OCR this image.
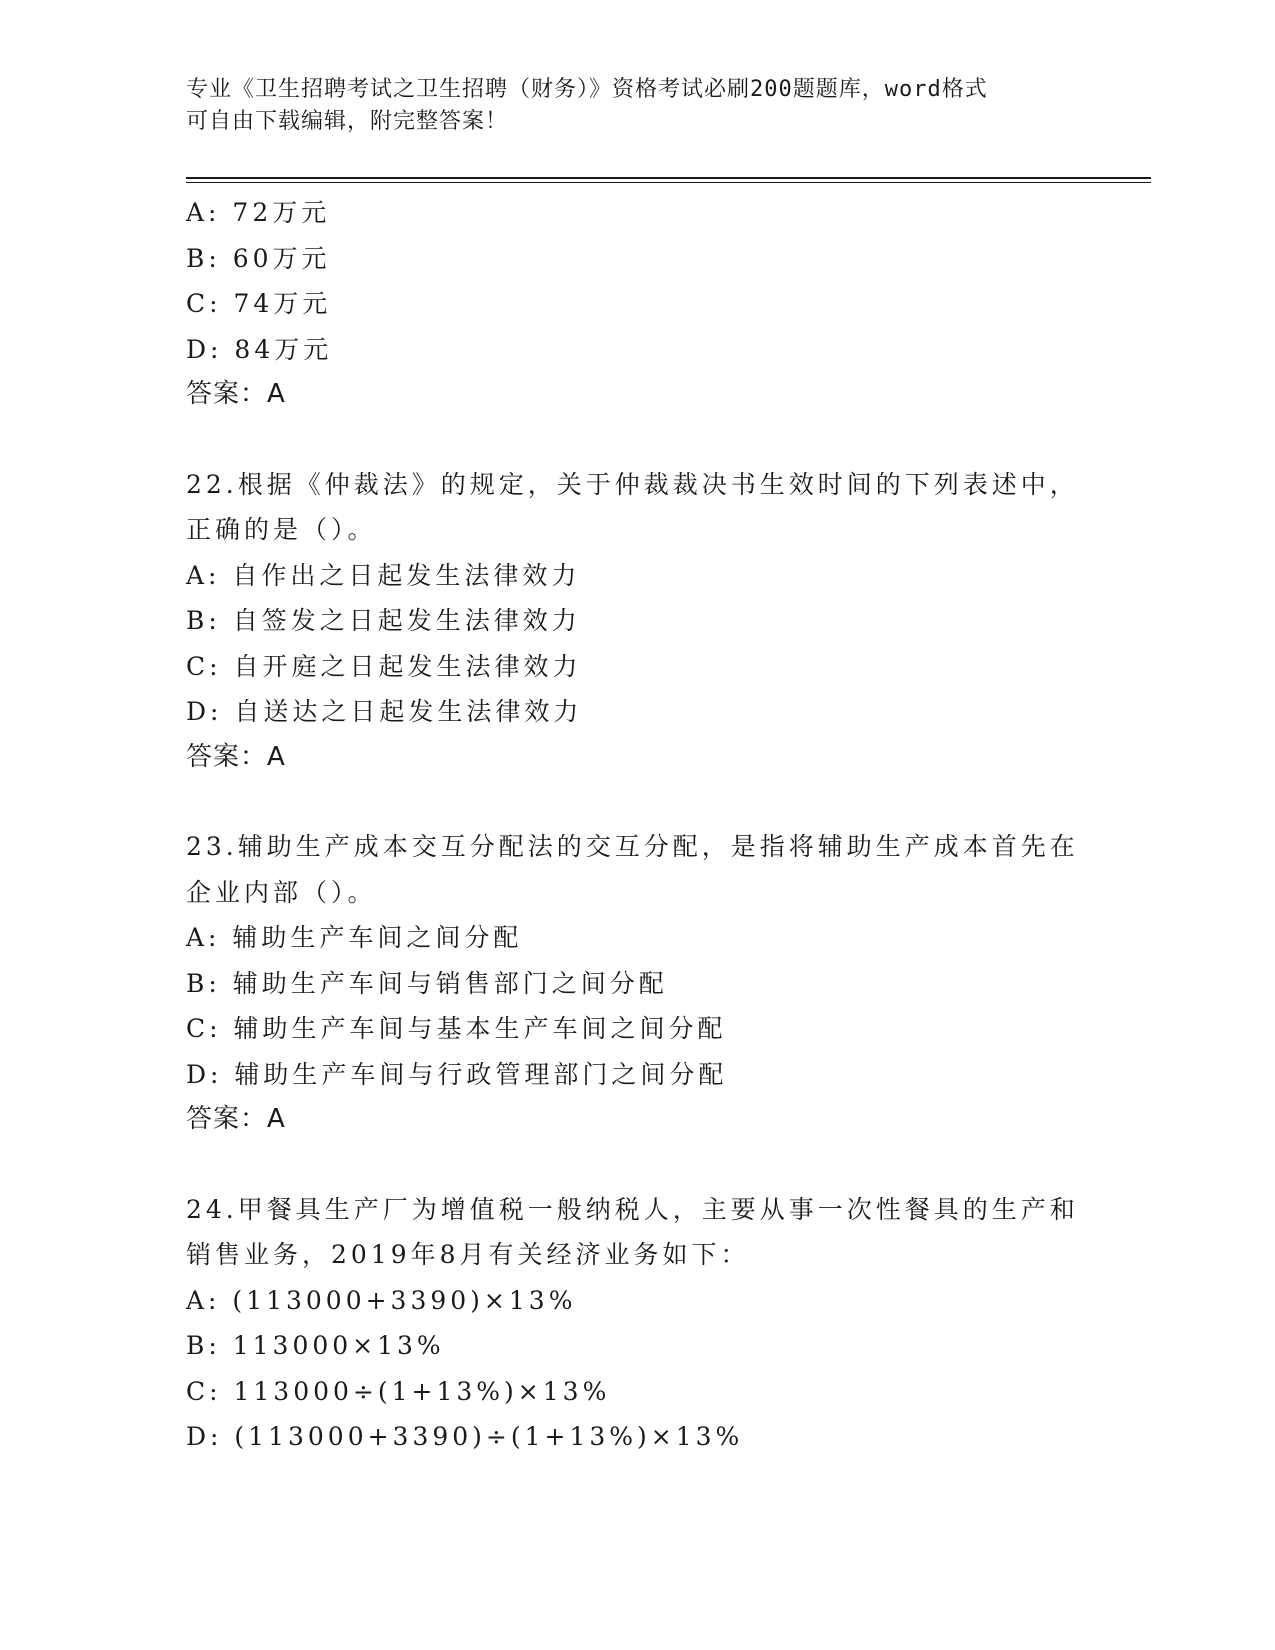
专业《卫生招聘考试之卫生招聘（财务）》资格考试必刷200题题库，word格式
可自由下载编辑，附完整答案！
A: 72万元
B: 60万元
C: 74万元
D: 84万元
答案：A
22.根据《仲裁法》的规定，关于仲裁裁决书生效时间的下列表述中，
正确的是（）。
A: 自作出之日起发生法律效力
B: 自签发之日起发生法律效力
C: 自开庭之日起发生法律效力
D: 自送达之日起发生法律效力
答案：A
23.辅助生产成本交互分配法的交互分配，是指将辅助生产成本首先在
企业内部（）。
A: 辅助生产车间之间分配
B: 辅助生产车间与销售部门之间分配
C: 辅助生产车间与基本生产车间之间分配
D: 辅助生产车间与行政管理部门之间分配
答案：A
24.甲餐具生产厂为增值税一般纳税人，主要从事一次性餐具的生产和
销售业务，2019年8月有关经济业务如下：
A: (113000+3390)×13%
B: 113000×13%
C: 113000÷(1+13%)×13%
D: (113000+3390)÷(1+13%)×13%
